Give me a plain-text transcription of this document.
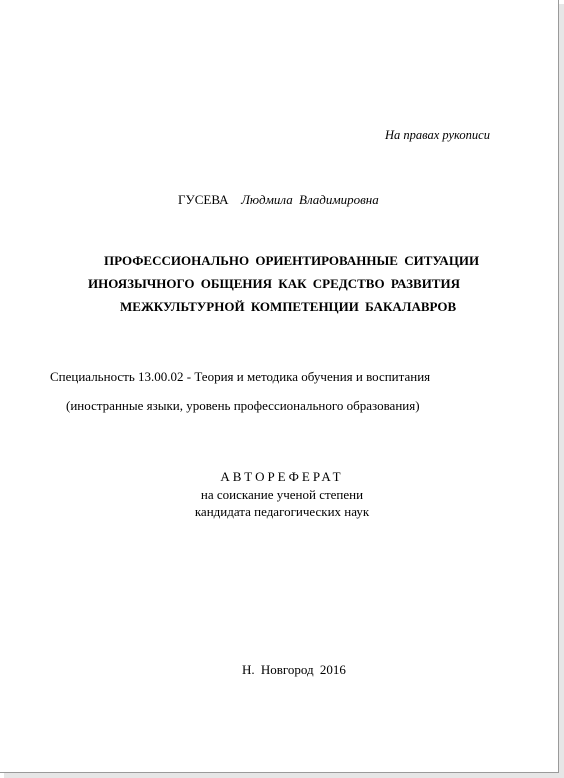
На правах рукописи
ГУСЕВА Людмила Владимировна
ПРОФЕССИОНАЛЬНО ОРИЕНТИРОВАННЫЕ СИТУАЦИИ
ИНОЯЗЫЧНОГО ОБЩЕНИЯ КАК СРЕДСТВО РАЗВИТИЯ
МЕЖКУЛЬТУРНОЙ КОМПЕТЕНЦИИ БАКАЛАВРОВ
Специальность 13.00.02 - Теория и методика обучения и воспитания
(иностранные языки, уровень профессионального образования)
АВТОРЕФЕРАТ
на соискание ученой степени
кандидата педагогических наук
Н. Новгород 2016
